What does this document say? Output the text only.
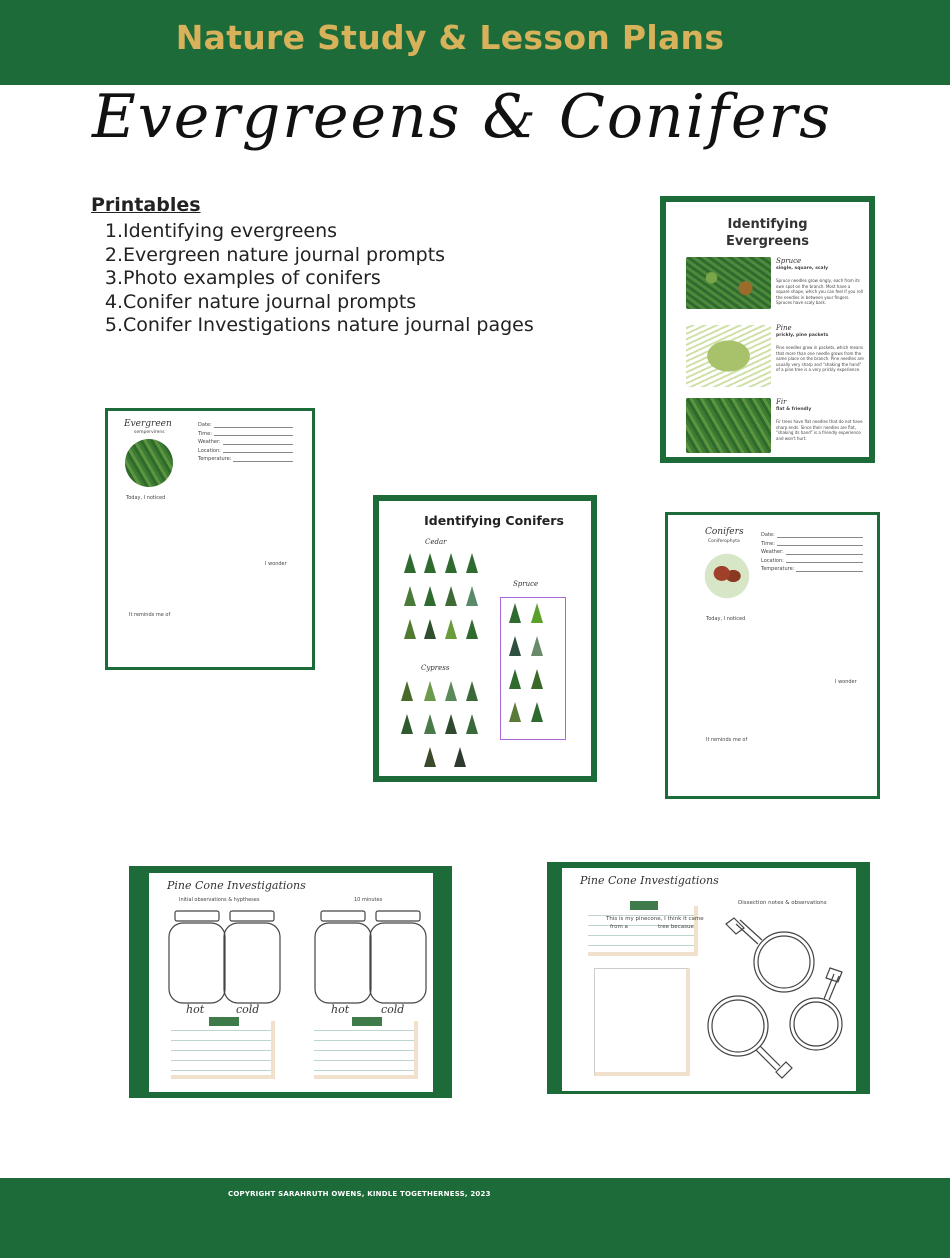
Nature Study & Lesson Plans
Evergreens & Conifers
Printables
1.Identifying evergreens
2.Evergreen nature journal prompts
3.Photo examples of conifers
4.Conifer nature journal prompts
5.Conifer Investigations nature journal pages
Identifying
Evergreens
Spruce
single, square, scaly
Spruce needles grow singly, each from its own spot on the branch. Most have a square shape, which you can feel if you roll the needles in between your fingers. Spruces have scaly bark.
Pine
prickly, pine packets
Pine needles grow in packets, which means that more than one needle grows from the same place on the branch. Pine needles are usually very sharp and "shaking the hand" of a pine tree is a very prickly experience.
Fir
flat & friendly
Fir trees have flat needles that do not have sharp ends. Since their needles are flat, "shaking its hand" is a friendly experience and won't hurt.
Evergreen
sempervirens
Date:
Time:
Weather:
Location:
Temperature:
Today, I noticed
I wonder
It reminds me of
Identifying Conifers
Cedar
Cypress
Spruce
Conifers
Coniferophyta
Date:
Time:
Weather:
Location:
Temperature:
Today, I noticed
I wonder
It reminds me of
Pine Cone Investigations
Initial observations & hyptheses	10 minutes
hot	cold	hot	cold
Pine Cone Investigations
Dissection notes & observations
This is my pinecone, I think it came
from a	tree becasue
COPYRIGHT SARAHRUTH OWENS, KINDLE TOGETHERNESS, 2023
